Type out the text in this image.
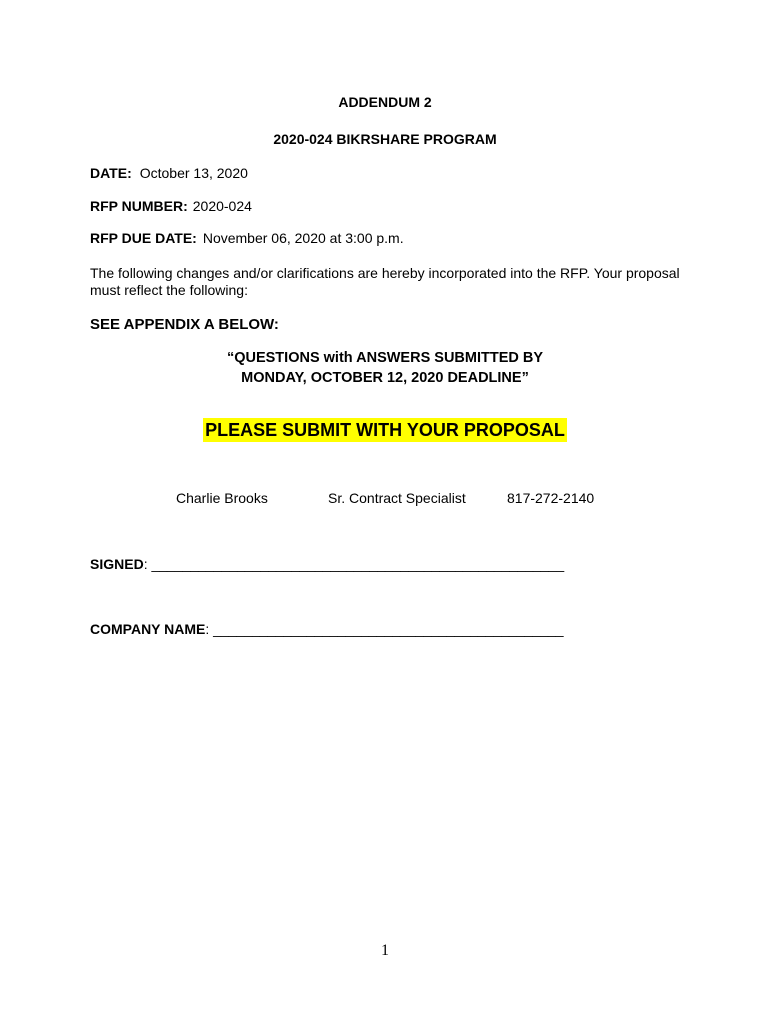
ADDENDUM 2
2020-024 BIKRSHARE PROGRAM
DATE: October 13, 2020
RFP NUMBER: 2020-024
RFP DUE DATE: November 06, 2020 at 3:00 p.m.
The following changes and/or clarifications are hereby incorporated into the RFP. Your proposal must reflect the following:
SEE APPENDIX A BELOW:
“QUESTIONS with ANSWERS SUBMITTED BY
MONDAY, OCTOBER 12, 2020 DEADLINE”
PLEASE SUBMIT WITH YOUR PROPOSAL
Charlie Brooks	Sr. Contract Specialist	817-272-2140
SIGNED: _____________________________________________________
COMPANY NAME: _____________________________________________
1
